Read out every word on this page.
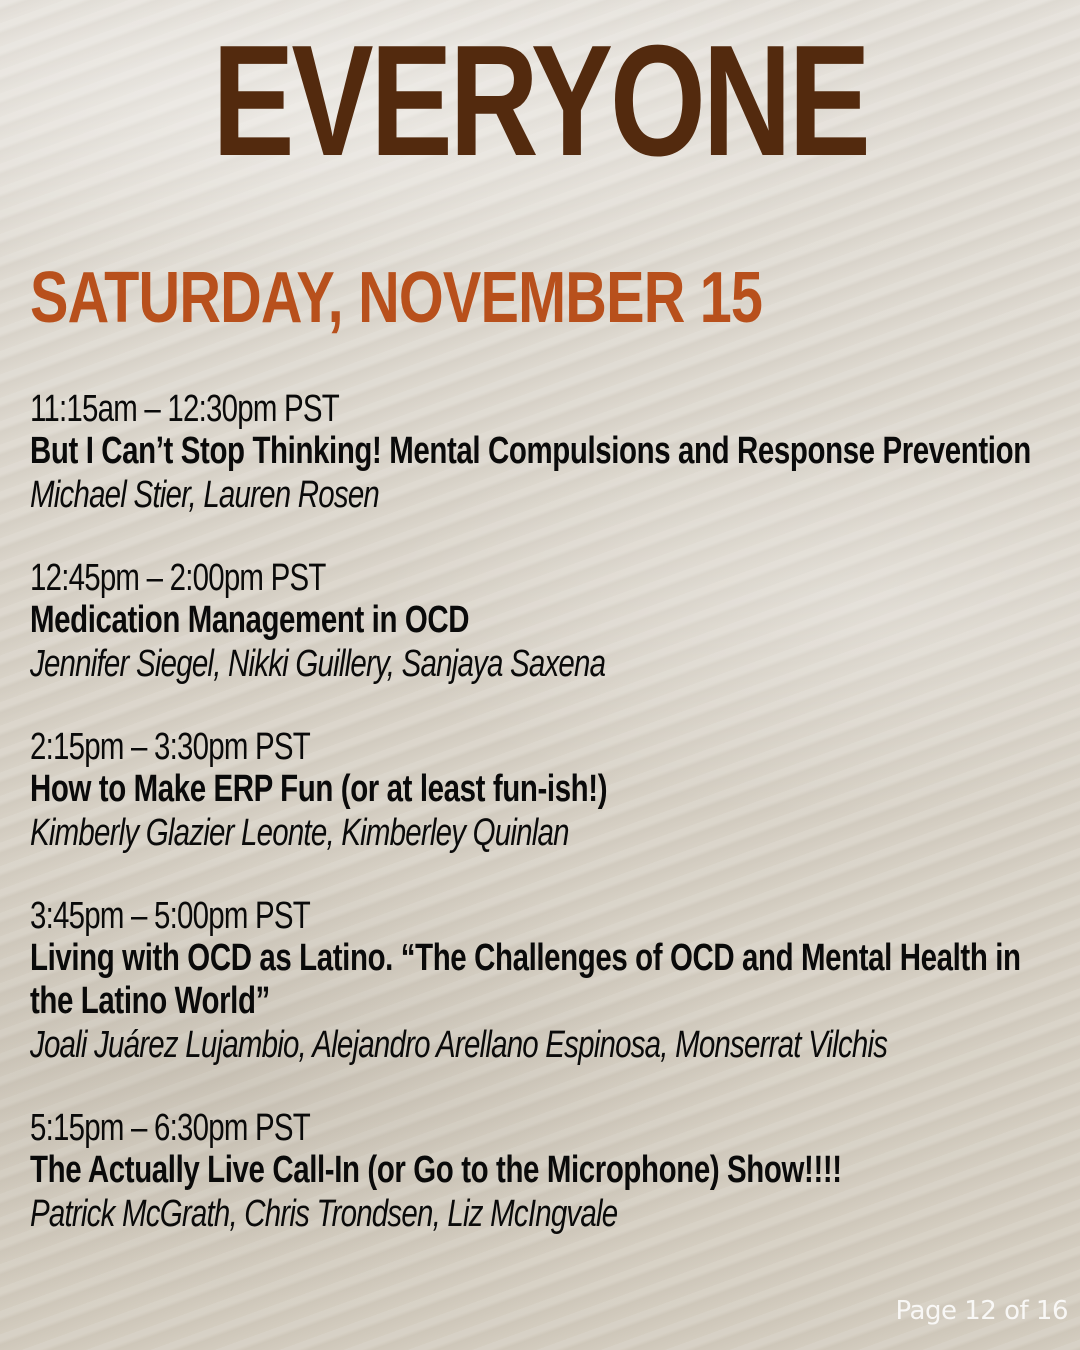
EVERYONE
SATURDAY, NOVEMBER 15
11:15am – 12:30pm PST
But I Can’t Stop Thinking! Mental Compulsions and Response Prevention
Michael Stier, Lauren Rosen
12:45pm – 2:00pm PST
Medication Management in OCD
Jennifer Siegel, Nikki Guillery, Sanjaya Saxena
2:15pm – 3:30pm PST
How to Make ERP Fun (or at least fun-ish!)
Kimberly Glazier Leonte, Kimberley Quinlan
3:45pm – 5:00pm PST
Living with OCD as Latino. “The Challenges of OCD and Mental Health in the Latino World”
Joali Juárez Lujambio, Alejandro Arellano Espinosa, Monserrat Vilchis
5:15pm – 6:30pm PST
The Actually Live Call-In (or Go to the Microphone) Show!!!!
Patrick McGrath, Chris Trondsen, Liz McIngvale
Page 12 of 16
